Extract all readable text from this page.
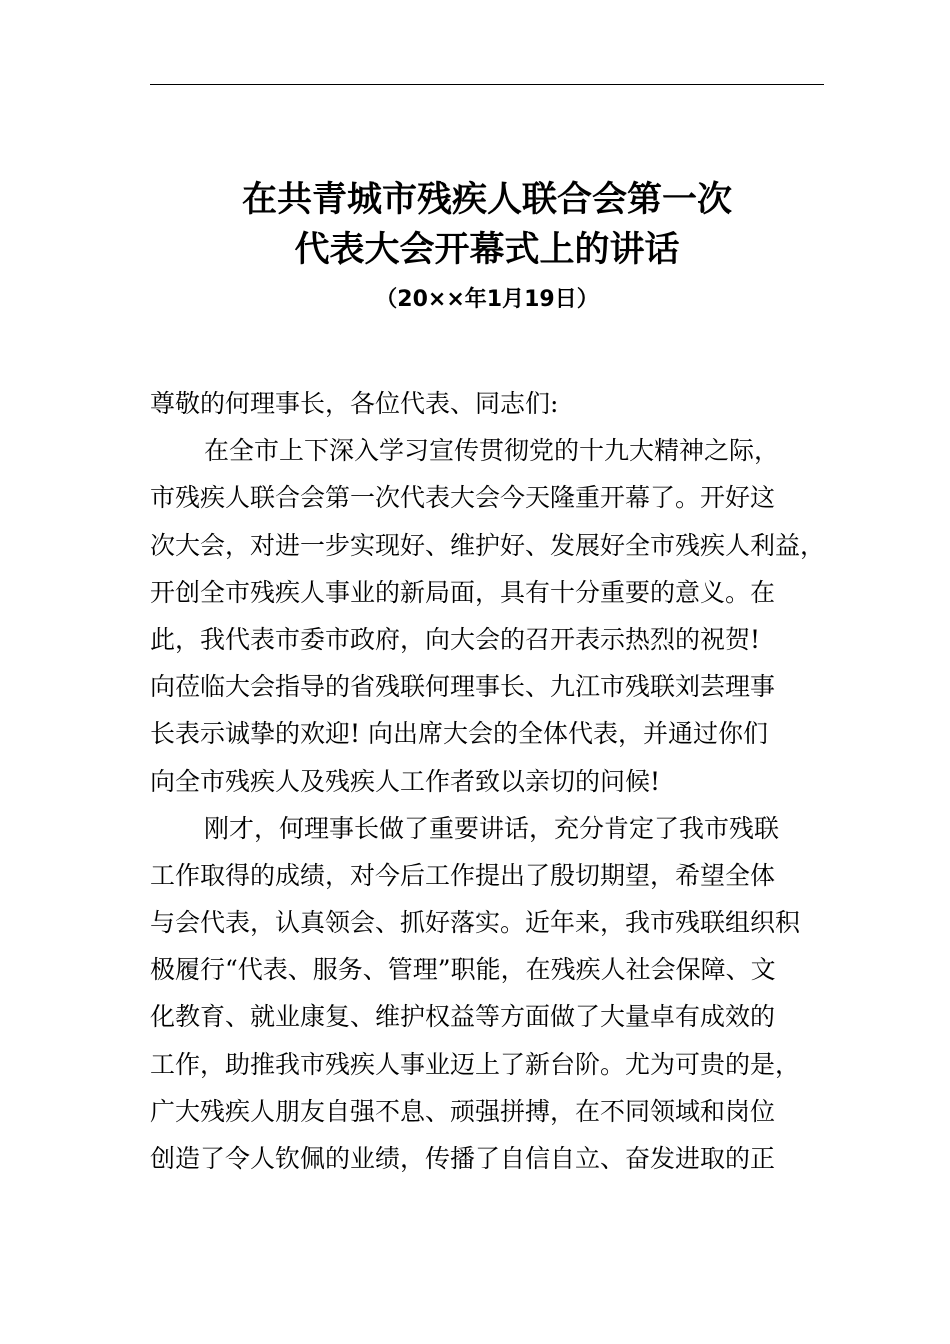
在共青城市残疾人联合会第一次
代表大会开幕式上的讲话

（20××年1月19日）

尊敬的何理事长，各位代表、同志们:

在全市上下深入学习宣传贯彻党的十九大精神之际，

市残疾人联合会第一次代表大会今天隆重开幕了。开好这

次大会，对进一步实现好、维护好、发展好全市残疾人利益，

开创全市残疾人事业的新局面，具有十分重要的意义。在

此，我代表市委市政府，向大会的召开表示热烈的祝贺!

向莅临大会指导的省残联何理事长、九江市残联刘芸理事

长表示诚挚的欢迎! 向出席大会的全体代表，并通过你们

向全市残疾人及残疾人工作者致以亲切的问候!

刚才，何理事长做了重要讲话，充分肯定了我市残联

工作取得的成绩，对今后工作提出了殷切期望，希望全体

与会代表，认真领会、抓好落实。近年来，我市残联组织积

极履行“代表、服务、管理”职能，在残疾人社会保障、文

化教育、就业康复、维护权益等方面做了大量卓有成效的

工作，助推我市残疾人事业迈上了新台阶。尤为可贵的是，

广大残疾人朋友自强不息、顽强拼搏，在不同领域和岗位

创造了令人钦佩的业绩，传播了自信自立、奋发进取的正
